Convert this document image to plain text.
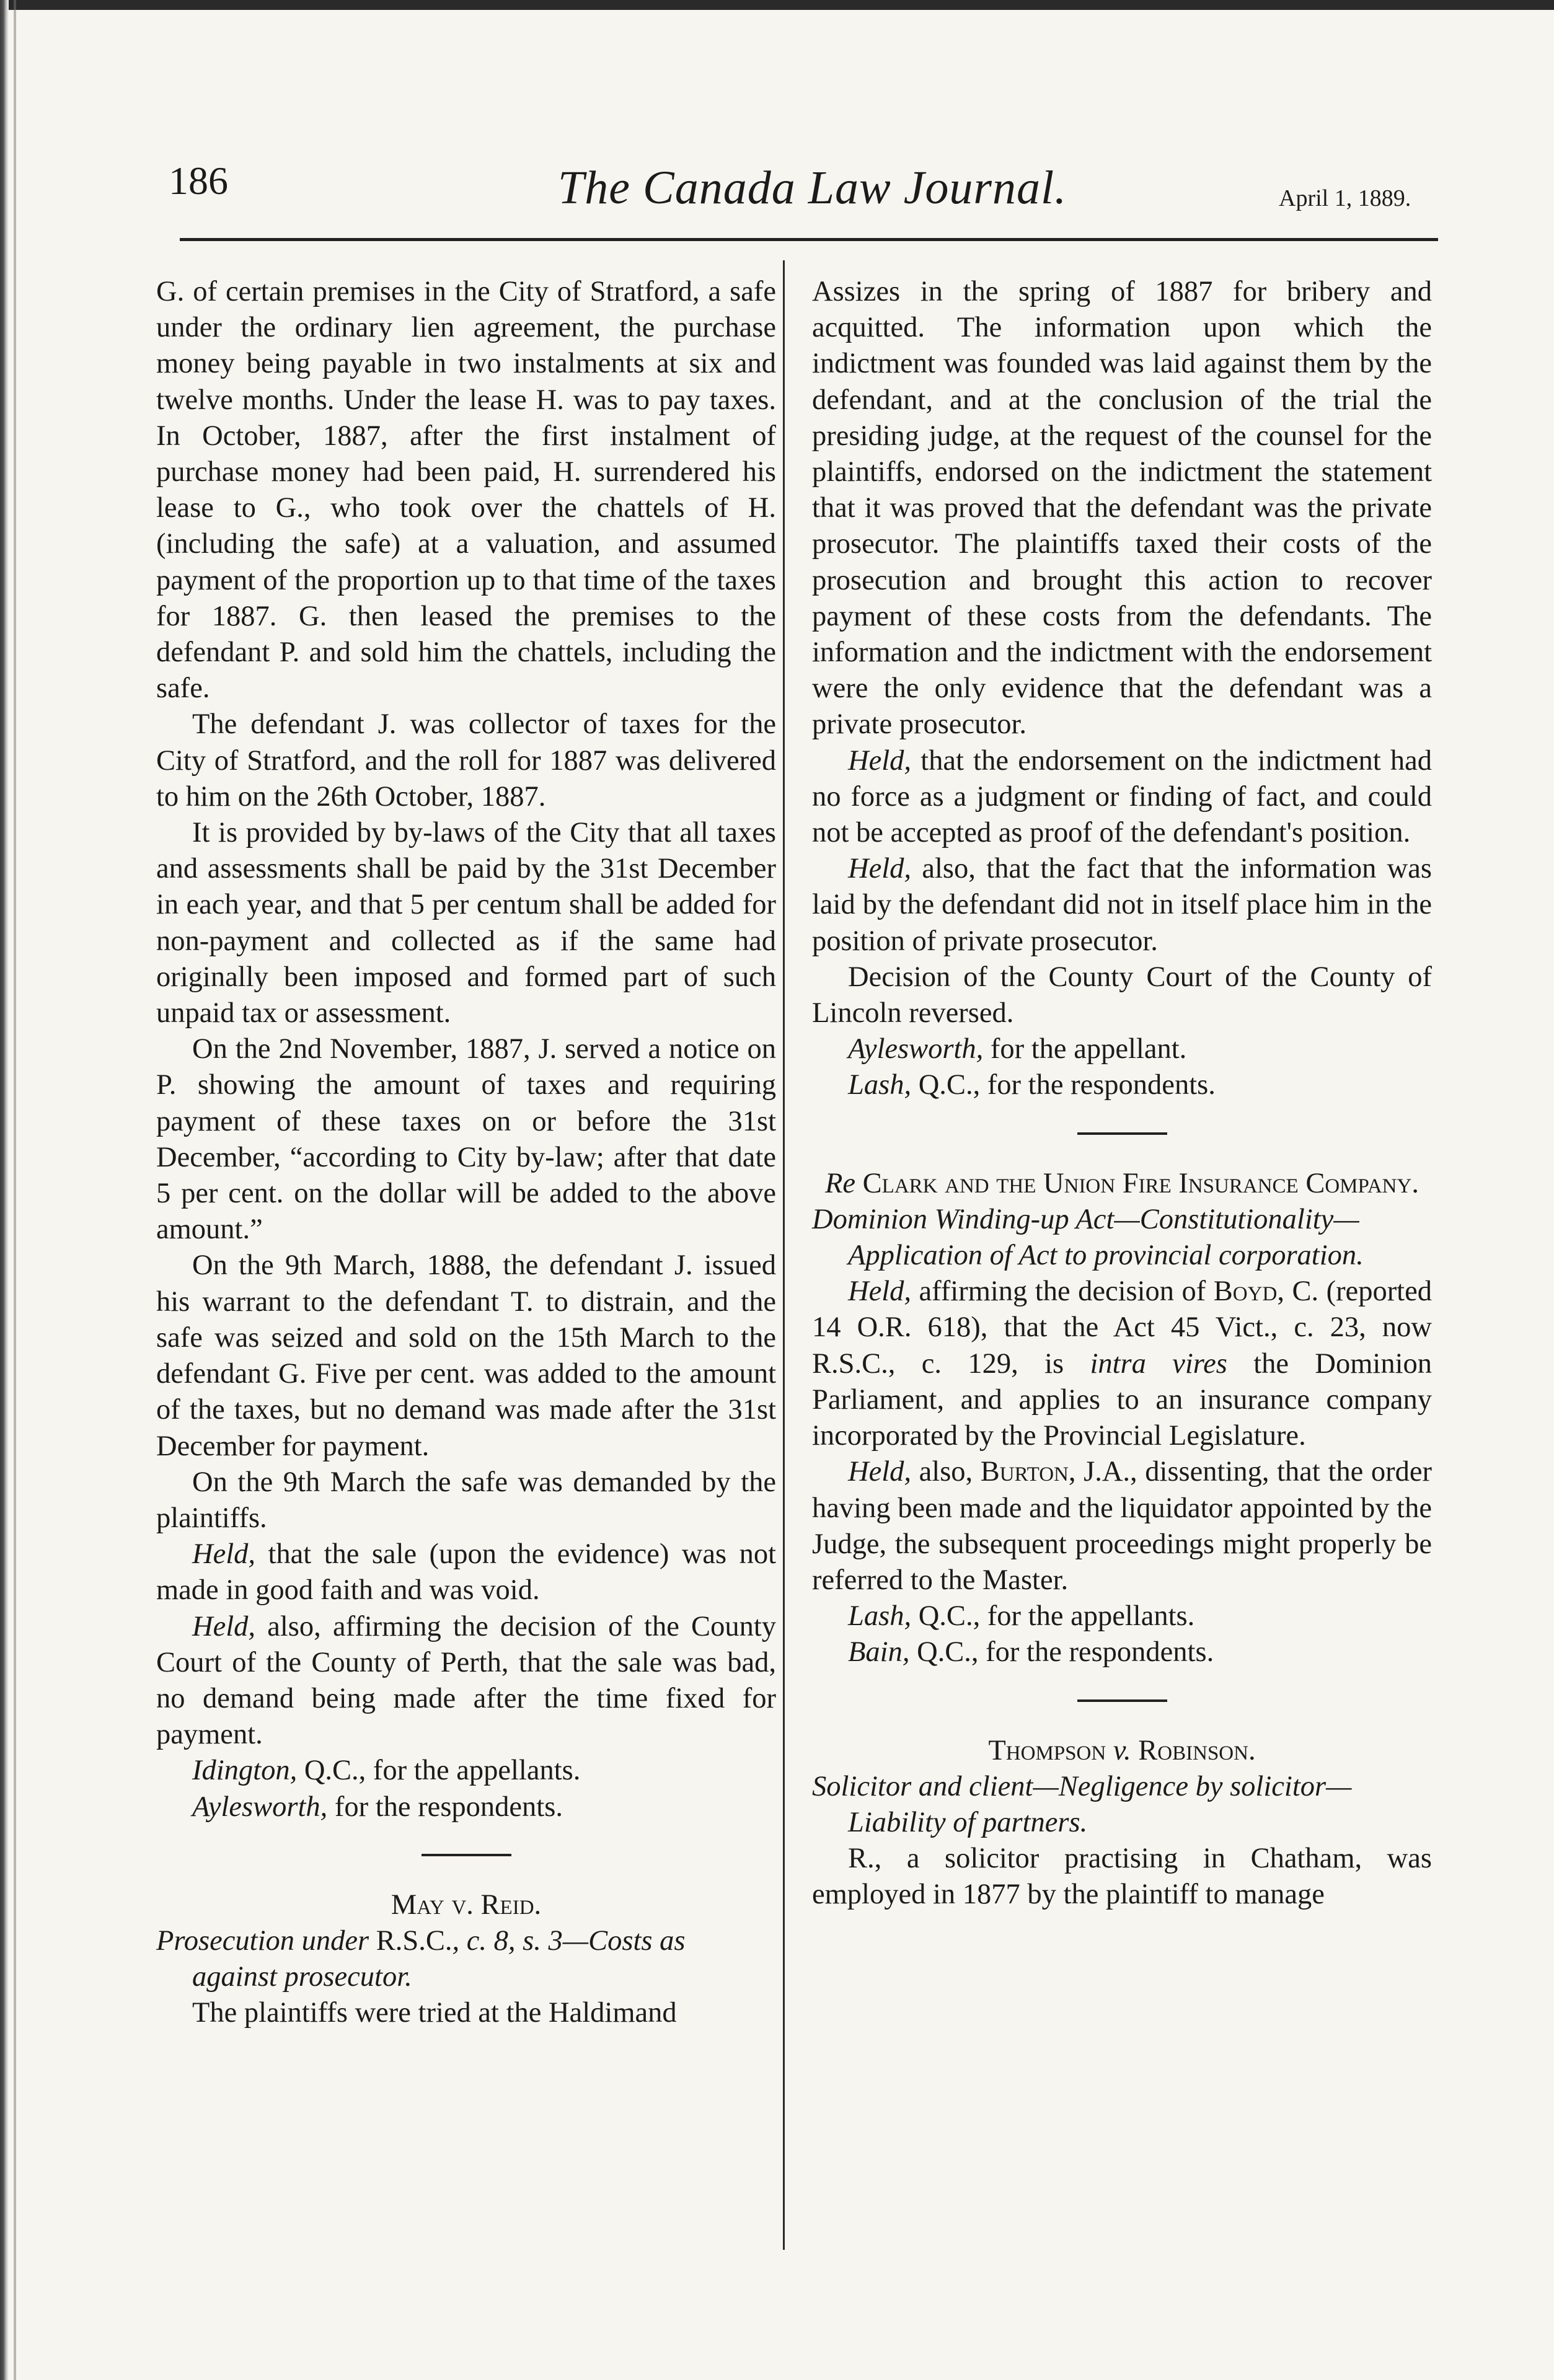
186	The Canada Law Journal.	April 1, 1889.

G. of certain premises in the City of Stratford, a safe under the ordinary lien agreement, the purchase money being payable in two instalments at six and twelve months. Under the lease H. was to pay taxes. In October, 1887, after the first instalment of purchase money had been paid, H. surrendered his lease to G., who took over the chattels of H. (including the safe) at a valuation, and assumed payment of the proportion up to that time of the taxes for 1887. G. then leased the premises to the defendant P. and sold him the chattels, including the safe.

The defendant J. was collector of taxes for the City of Stratford, and the roll for 1887 was delivered to him on the 26th October, 1887.

It is provided by by-laws of the City that all taxes and assessments shall be paid by the 31st December in each year, and that 5 per centum shall be added for non-payment and collected as if the same had originally been imposed and formed part of such unpaid tax or assessment.

On the 2nd November, 1887, J. served a notice on P. showing the amount of taxes and requiring payment of these taxes on or before the 31st December, “according to City by-law; after that date 5 per cent. on the dollar will be added to the above amount.”

On the 9th March, 1888, the defendant J. issued his warrant to the defendant T. to distrain, and the safe was seized and sold on the 15th March to the defendant G. Five per cent. was added to the amount of the taxes, but no demand was made after the 31st December for payment.

On the 9th March the safe was demanded by the plaintiffs.

Held, that the sale (upon the evidence) was not made in good faith and was void.

Held, also, affirming the decision of the County Court of the County of Perth, that the sale was bad, no demand being made after the time fixed for payment.

Idington, Q.C., for the appellants.

Aylesworth, for the respondents.

May v. Reid.

Prosecution under R.S.C., c. 8, s. 3—Costs as against prosecutor.

The plaintiffs were tried at the Haldimand

Assizes in the spring of 1887 for bribery and acquitted. The information upon which the indictment was founded was laid against them by the defendant, and at the conclusion of the trial the presiding judge, at the request of the counsel for the plaintiffs, endorsed on the indictment the statement that it was proved that the defendant was the private prosecutor. The plaintiffs taxed their costs of the prosecution and brought this action to recover payment of these costs from the defendants. The information and the indictment with the endorsement were the only evidence that the defendant was a private prosecutor.

Held, that the endorsement on the indictment had no force as a judgment or finding of fact, and could not be accepted as proof of the defendant's position.

Held, also, that the fact that the information was laid by the defendant did not in itself place him in the position of private prosecutor.

Decision of the County Court of the County of Lincoln reversed.

Aylesworth, for the appellant.

Lash, Q.C., for the respondents.

Re Clark and the Union Fire Insurance Company.

Dominion Winding-up Act—Constitutionality—Application of Act to provincial corporation.

Held, affirming the decision of Boyd, C. (reported 14 O.R. 618), that the Act 45 Vict., c. 23, now R.S.C., c. 129, is intra vires the Dominion Parliament, and applies to an insurance company incorporated by the Provincial Legislature.

Held, also, Burton, J.A., dissenting, that the order having been made and the liquidator appointed by the Judge, the subsequent proceedings might properly be referred to the Master.

Lash, Q.C., for the appellants.

Bain, Q.C., for the respondents.

Thompson v. Robinson.

Solicitor and client—Negligence by solicitor—Liability of partners.

R., a solicitor practising in Chatham, was employed in 1877 by the plaintiff to manage
